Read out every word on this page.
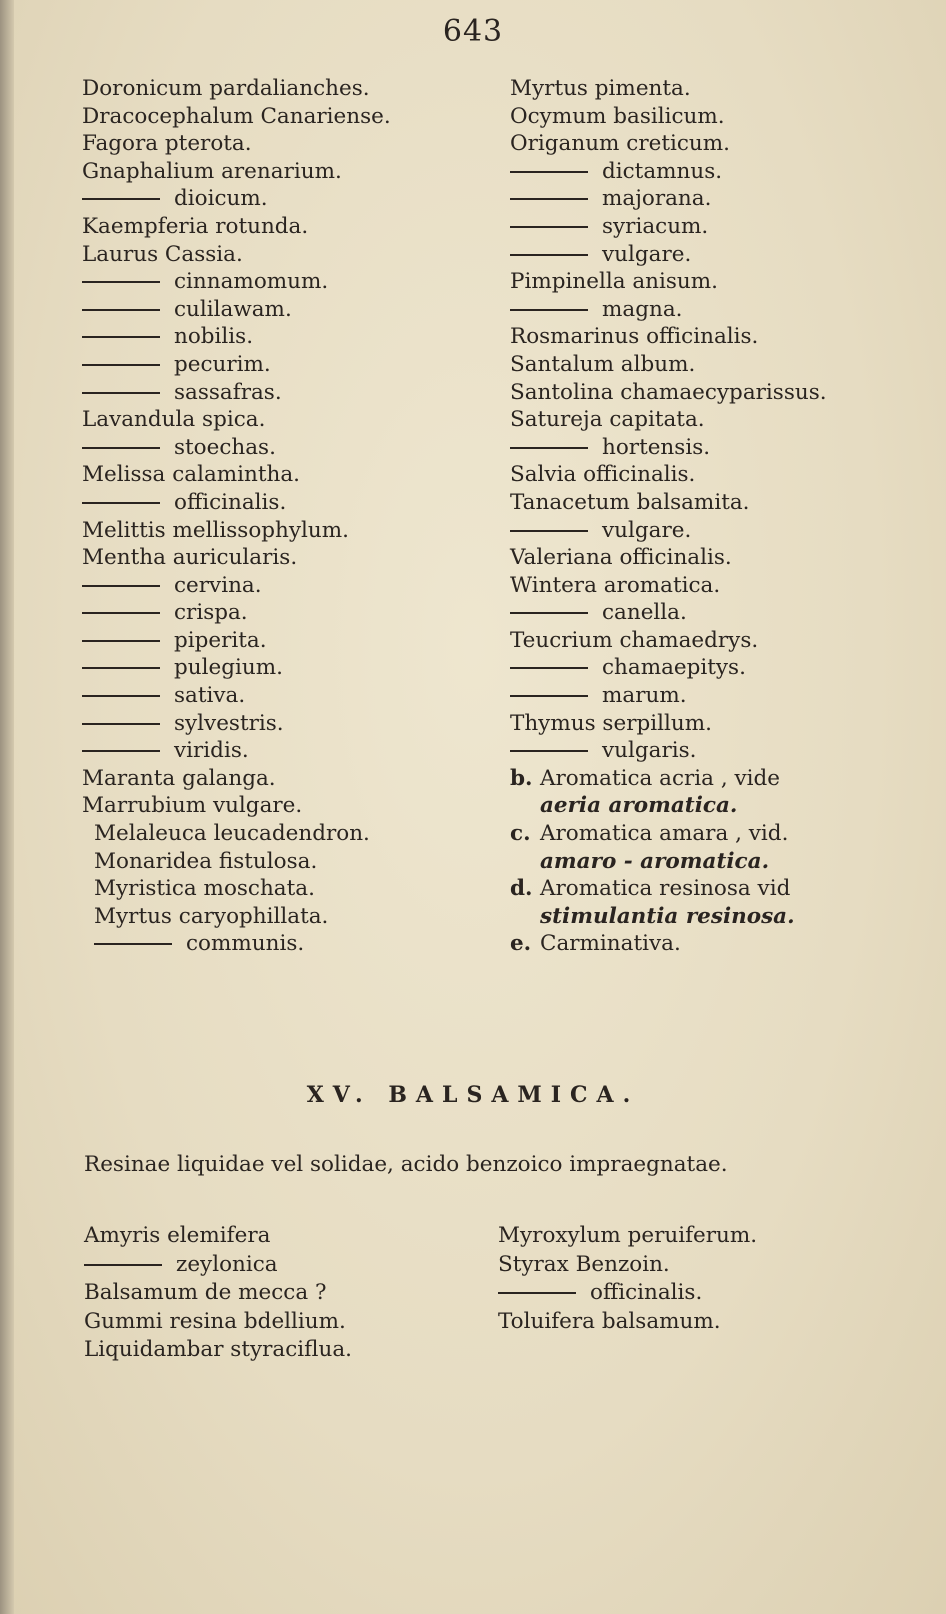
643
Doronicum pardalianches.
Dracocephalum Canariense.
Fagora pterota.
Gnaphalium arenarium.
dioicum.
Kaempferia rotunda.
Laurus Cassia.
cinnamomum.
culilawam.
nobilis.
pecurim.
sassafras.
Lavandula spica.
stoechas.
Melissa calamintha.
officinalis.
Melittis mellissophylum.
Mentha auricularis.
cervina.
crispa.
piperita.
pulegium.
sativa.
sylvestris.
viridis.
Maranta galanga.
Marrubium vulgare.
Melaleuca leucadendron.
Monaridea fistulosa.
Myristica moschata.
Myrtus caryophillata.
communis.
Myrtus pimenta.
Ocymum basilicum.
Origanum creticum.
dictamnus.
majorana.
syriacum.
vulgare.
Pimpinella anisum.
magna.
Rosmarinus officinalis.
Santalum album.
Santolina chamaecyparissus.
Satureja capitata.
hortensis.
Salvia officinalis.
Tanacetum balsamita.
vulgare.
Valeriana officinalis.
Wintera aromatica.
canella.
Teucrium chamaedrys.
chamaepitys.
marum.
Thymus serpillum.
vulgaris.
b. Aromatica acria , vide
aeria aromatica.
c. Aromatica amara , vid.
amaro - aromatica.
d. Aromatica resinosa vid
stimulantia resinosa.
e. Carminativa.
XV. BALSAMICA.
Resinae liquidae vel solidae, acido benzoico impraegnatae.
Amyris elemifera
zeylonica
Balsamum de mecca ?
Gummi resina bdellium.
Liquidambar styraciflua.
Myroxylum peruiferum.
Styrax Benzoin.
officinalis.
Toluifera balsamum.
